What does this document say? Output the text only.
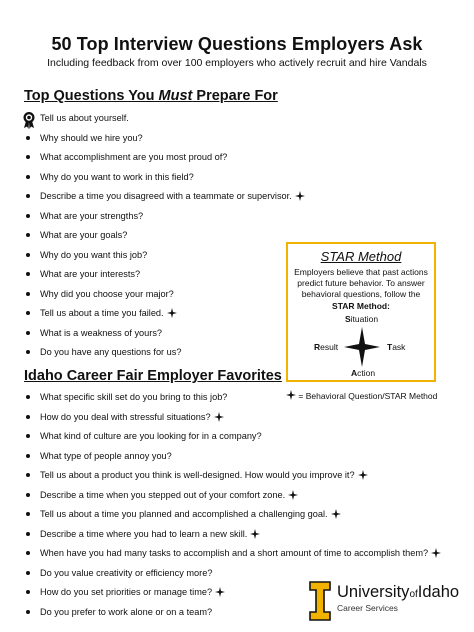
50 Top Interview Questions Employers Ask
Including feedback from over 100 employers who actively recruit and hire Vandals
Top Questions You Must Prepare For
Tell us about yourself.
Why should we hire you?
What accomplishment are you most proud of?
Why do you want to work in this field?
Describe a time you disagreed with a teammate or supervisor.
What are your strengths?
What are your goals?
Why do you want this job?
What are your interests?
Why did you choose your major?
Tell us about a time you failed.
What is a weakness of yours?
Do you have any questions for us?
Idaho Career Fair Employer Favorites
What specific skill set do you bring to this job?
How do you deal with stressful situations?
What kind of culture are you looking for in a company?
What type of people annoy you?
Tell us about a product you think is well-designed. How would you improve it?
Describe a time when you stepped out of your comfort zone.
Tell us about a time you planned and accomplished a challenging goal.
Describe a time where you had to learn a new skill.
When have you had many tasks to accomplish and a short amount of time to accomplish them?
Do you value creativity or efficiency more?
How do you set priorities or manage time?
Do you prefer to work alone or on a team?
STAR Method
Employers believe that past actions predict future behavior. To answer behavioral questions, follow the
STAR Method:
Situation
Result	Task
Action
= Behavioral Question/STAR Method
UniversityofIdaho
Career Services
